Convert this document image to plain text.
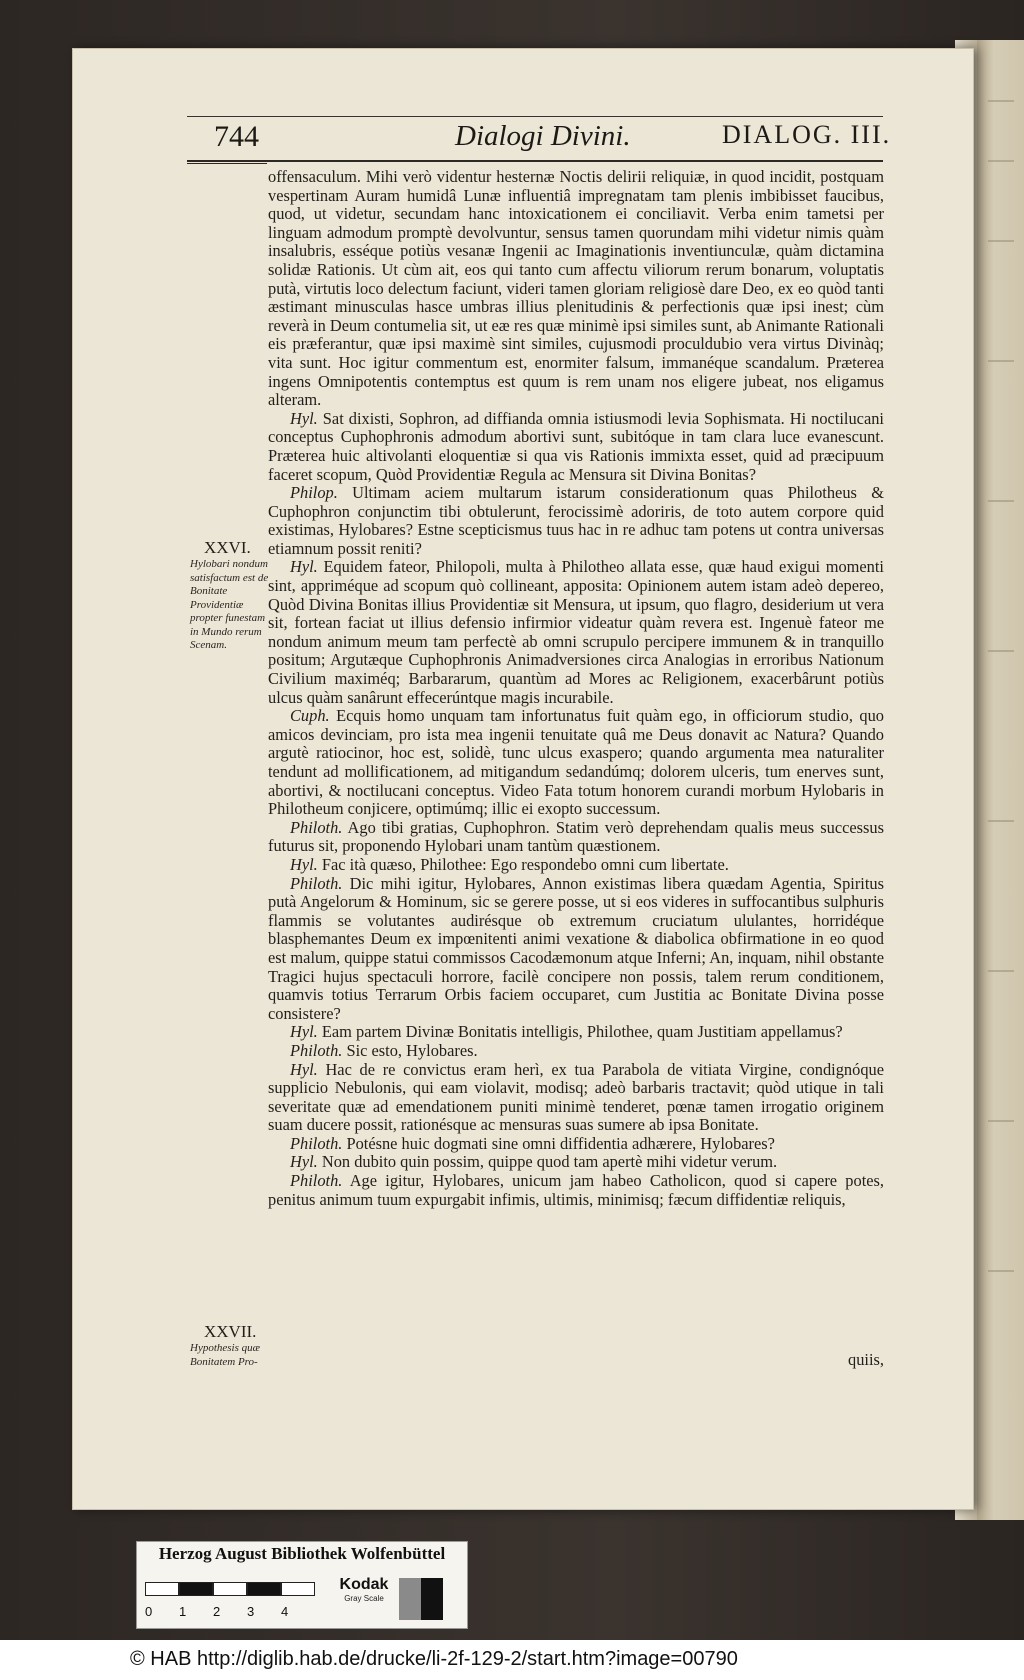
744	Dialogi Divini.	DIALOG. III.

offensaculum. Mihi verò videntur hesternæ Noctis delirii reliquiæ, in quod incidit, postquam vespertinam Auram humidâ Lunæ influentiâ impregnatam tam plenis imbibisset faucibus, quod, ut videtur, secundam hanc intoxicationem ei conciliavit. Verba enim tametsi per linguam admodum promptè devolvuntur, sensus tamen quorundam mihi videtur nimis quàm insalubris, esséque potiùs vesanæ Ingenii ac Imaginationis inventiunculæ, quàm dictamina solidæ Rationis. Ut cùm ait, eos qui tanto cum affectu viliorum rerum bonarum, voluptatis putà, virtutis loco delectum faciunt, videri tamen gloriam religiosè dare Deo, ex eo quòd tanti æstimant minusculas hasce umbras illius plenitudinis & perfectionis quæ ipsi inest; cùm reverà in Deum contumelia sit, ut eæ res quæ minimè ipsi similes sunt, ab Animante Rationali eis præferantur, quæ ipsi maximè sint similes, cujusmodi proculdubio vera virtus Divinàq; vita sunt. Hoc igitur commentum est, enormiter falsum, immanéque scandalum. Præterea ingens Omnipotentis contemptus est quum is rem unam nos eligere jubeat, nos eligamus alteram.

Hyl. Sat dixisti, Sophron, ad diffianda omnia istiusmodi levia Sophismata. Hi noctilucani conceptus Cuphophronis admodum abortivi sunt, subitóque in tam clara luce evanescunt. Præterea huic altivolanti eloquentiæ si qua vis Rationis immixta esset, quid ad præcipuum faceret scopum, Quòd Providentiæ Regula ac Mensura sit Divina Bonitas?

Philop. Ultimam aciem multarum istarum considerationum quas Philotheus & Cuphophron conjunctim tibi obtulerunt, ferocissimè adoriris, de toto autem corpore quid existimas, Hylobares? Estne scepticismus tuus hac in re adhuc tam potens ut contra universas etiamnum possit reniti?

Hyl. Equidem fateor, Philopoli, multa à Philotheo allata esse, quæ haud exigui momenti sint, appriméque ad scopum quò collineant, apposita: Opinionem autem istam adeò depereo, Quòd Divina Bonitas illius Providentiæ sit Mensura, ut ipsum, quo flagro, desiderium ut vera sit, fortean faciat ut illius defensio infirmior videatur quàm revera est. Ingenuè fateor me nondum animum meum tam perfectè ab omni scrupulo percipere immunem & in tranquillo positum; Argutæque Cuphophronis Animadversiones circa Analogias in erroribus Nationum Civilium maximéq; Barbararum, quantùm ad Mores ac Religionem, exacerbârunt potiùs ulcus quàm sanârunt effecerúntque magis incurabile.

Cuph. Ecquis homo unquam tam infortunatus fuit quàm ego, in officiorum studio, quo amicos devinciam, pro ista mea ingenii tenuitate quâ me Deus donavit ac Natura? Quando argutè ratiocinor, hoc est, solidè, tunc ulcus exaspero; quando argumenta mea naturaliter tendunt ad mollificationem, ad mitigandum sedandúmq; dolorem ulceris, tum enerves sunt, abortivi, & noctilucani conceptus. Video Fata totum honorem curandi morbum Hylobaris in Philotheum conjicere, optimúmq; illic ei exopto successum.

Philoth. Ago tibi gratias, Cuphophron. Statim verò deprehendam qualis meus successus futurus sit, proponendo Hylobari unam tantùm quæstionem.

Hyl. Fac ità quæso, Philothee: Ego respondebo omni cum libertate.

Philoth. Dic mihi igitur, Hylobares, Annon existimas libera quædam Agentia, Spiritus putà Angelorum & Hominum, sic se gerere posse, ut si eos videres in suffocantibus sulphuris flammis se volutantes audirésque ob extremum cruciatum ululantes, horridéque blasphemantes Deum ex impœnitenti animi vexatione & diabolica obfirmatione in eo quod est malum, quippe statui commissos Cacodæmonum atque Inferni; An, inquam, nihil obstante Tragici hujus spectaculi horrore, facilè concipere non possis, talem rerum conditionem, quamvis totius Terrarum Orbis faciem occuparet, cum Justitia ac Bonitate Divina posse consistere?

Hyl. Eam partem Divinæ Bonitatis intelligis, Philothee, quam Justitiam appellamus?

Philoth. Sic esto, Hylobares.

Hyl. Hac de re convictus eram herì, ex tua Parabola de vitiata Virgine, condignóque supplicio Nebulonis, qui eam violavit, modisq; adeò barbaris tractavit; quòd utique in tali severitate quæ ad emendationem puniti minimè tenderet, pœnæ tamen irrogatio originem suam ducere possit, rationésque ac mensuras suas sumere ab ipsa Bonitate.

Philoth. Potésne huic dogmati sine omni diffidentia adhærere, Hylobares?

Hyl. Non dubito quin possim, quippe quod tam apertè mihi videtur verum.

Philoth. Age igitur, Hylobares, unicum jam habeo Catholicon, quod si capere potes, penitus animum tuum expurgabit infimis, ultimis, minimisq; fæcum diffidentiæ reliquis,

quiis,
XXVI.
Hylobari nondum satisfactum est de Bonitate Providentiæ propter funestam in Mundo rerum Scenam.
XXVII.
Hypothesis quæ Bonitatem Pro-
Herzog August Bibliothek Wolfenbüttel
0 1 2 3 4
Kodak
Gray Scale
© HAB http://diglib.hab.de/drucke/li-2f-129-2/start.htm?image=00790
